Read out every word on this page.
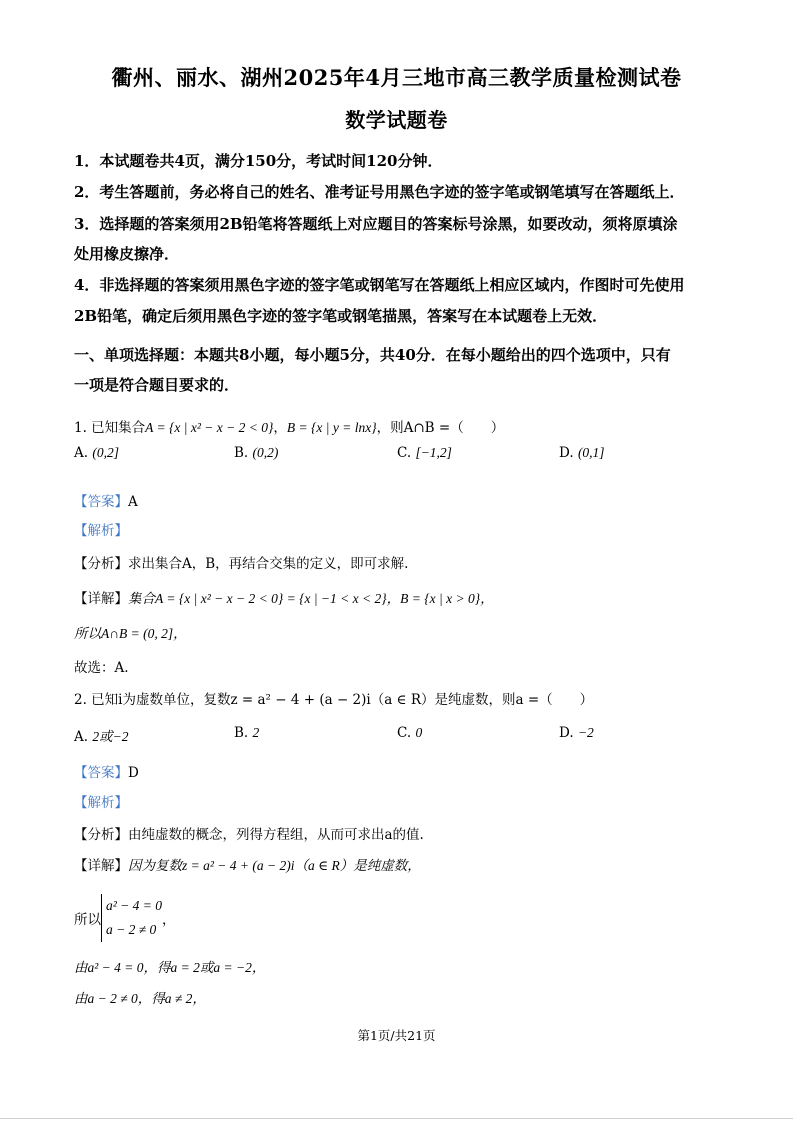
衢州、丽水、湖州2025年4月三地市高三教学质量检测试卷
数学试题卷
1．本试题卷共4页，满分150分，考试时间120分钟．
2．考生答题前，务必将自己的姓名、准考证号用黑色字迹的签字笔或钢笔填写在答题纸上．
3．选择题的答案须用2B铅笔将答题纸上对应题目的答案标号涂黑，如要改动，须将原填涂
处用橡皮擦净．
4．非选择题的答案须用黑色字迹的签字笔或钢笔写在答题纸上相应区域内，作图时可先使用
2B铅笔，确定后须用黑色字迹的签字笔或钢笔描黑，答案写在本试题卷上无效．
一、单项选择题：本题共8小题，每小题5分，共40分．在每小题给出的四个选项中，只有
一项是符合题目要求的．
1. 已知集合A = {x | x² − x − 2 < 0}，B = {x | y = lnx}，则A∩B =（　　）
A. (0,2]	B. (0,2)	C. [−1,2]	D. (0,1]
【答案】A
【解析】
【分析】求出集合A，B，再结合交集的定义，即可求解.
【详解】集合A = {x | x² − x − 2 < 0} = {x | −1 < x < 2}，B = {x | x > 0}，
所以A∩B = (0, 2]，
故选：A.
2. 已知i为虚数单位，复数z = a² − 4 + (a − 2)i（a ∈ R）是纯虚数，则a =（　　）
A. 2或−2	B. 2	C. 0	D. −2
【答案】D
【解析】
【分析】由纯虚数的概念，列得方程组，从而可求出a的值.
【详解】因为复数z = a² − 4 + (a − 2)i（a ∈ R）是纯虚数，
所以
a² − 4 = 0
a − 2 ≠ 0
，
由a² − 4 = 0，得a = 2或a = −2，
由a − 2 ≠ 0，得a ≠ 2，
第1页/共21页
